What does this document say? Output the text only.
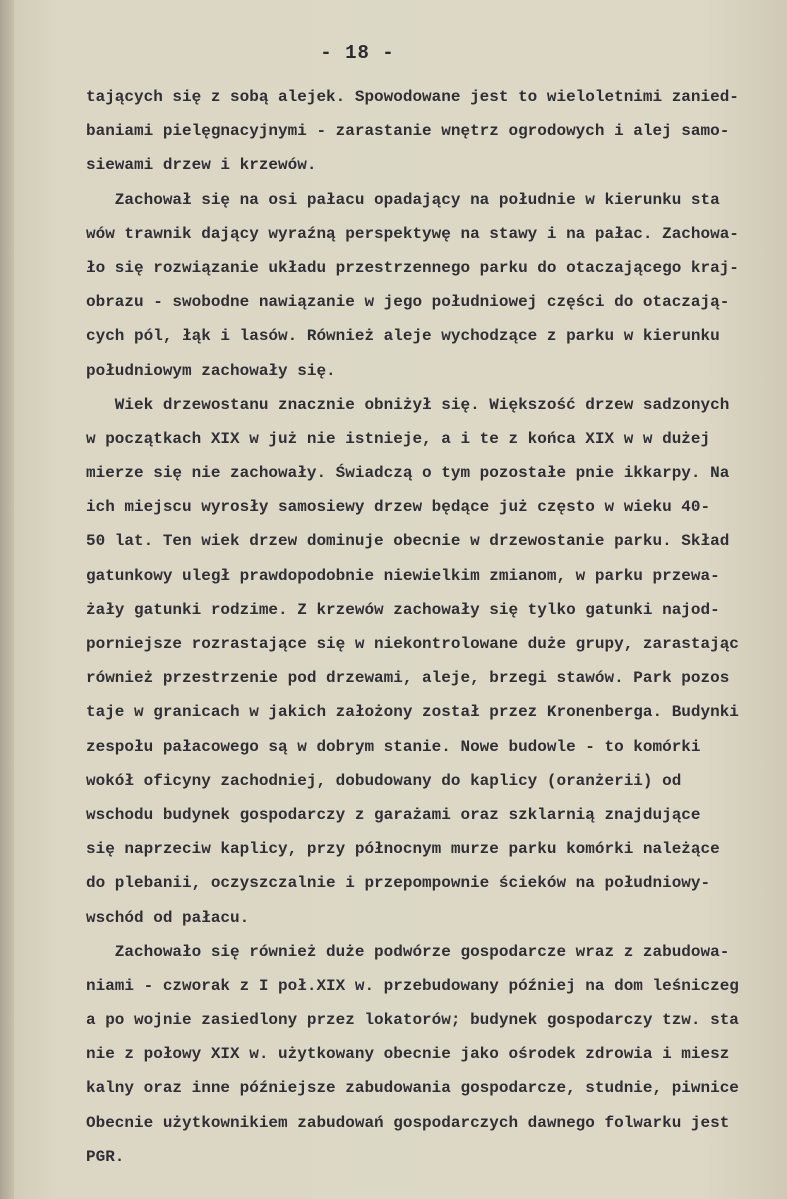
- 18 -
tających się z sobą alejek. Spowodowane jest to wieloletnimi zanied-
baniami pielęgnacyjnymi - zarastanie wnętrz ogrodowych i alej samo-
siewami drzew i krzewów.
Zachował się na osi pałacu opadający na południe w kierunku sta
wów trawnik dający wyraźną perspektywę na stawy i na pałac. Zachowa-
ło się rozwiązanie układu przestrzennego parku do otaczającego kraj-
obrazu - swobodne nawiązanie w jego południowej części do otaczają-
cych pól, łąk i lasów. Również aleje wychodzące z parku w kierunku
południowym zachowały się.
Wiek drzewostanu znacznie obniżył się. Większość drzew sadzonych
w początkach XIX w już nie istnieje, a i te z końca XIX w w dużej
mierze się nie zachowały. Świadczą o tym pozostałe pnie ikkarpy. Na
ich miejscu wyrosły samosiewy drzew będące już często w wieku 40-
50 lat. Ten wiek drzew dominuje obecnie w drzewostanie parku. Skład
gatunkowy uległ prawdopodobnie niewielkim zmianom, w parku przewa-
żały gatunki rodzime. Z krzewów zachowały się tylko gatunki najod-
porniejsze rozrastające się w niekontrolowane duże grupy, zarastając
również przestrzenie pod drzewami, aleje, brzegi stawów. Park pozos
taje w granicach w jakich założony został przez Kronenberga. Budynki
zespołu pałacowego są w dobrym stanie. Nowe budowle - to komórki
wokół oficyny zachodniej, dobudowany do kaplicy (oranżerii) od
wschodu budynek gospodarczy z garażami oraz szklarnią znajdujące
się naprzeciw kaplicy, przy północnym murze parku komórki należące
do plebanii, oczyszczalnie i przepompownie ścieków na południowy-
wschód od pałacu.
Zachowało się również duże podwórze gospodarcze wraz z zabudowa-
niami - czworak z I poł.XIX w. przebudowany później na dom leśniczeg
a po wojnie zasiedlony przez lokatorów; budynek gospodarczy tzw. sta
nie z połowy XIX w. użytkowany obecnie jako ośrodek zdrowia i miesz
kalny oraz inne późniejsze zabudowania gospodarcze, studnie, piwnice
Obecnie użytkownikiem zabudowań gospodarczych dawnego folwarku jest
PGR.
